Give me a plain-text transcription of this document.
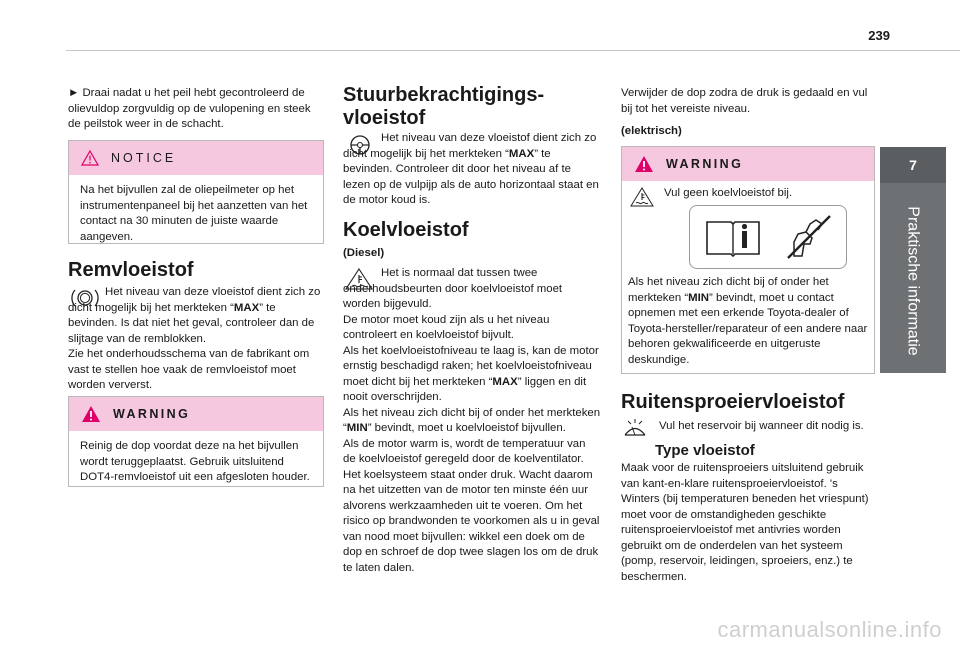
239
► Draai nadat u het peil hebt gecontroleerd de olievuldop zorgvuldig op de vulopening en steek de peilstok weer in de schacht.
NOTICE
Na het bijvullen zal de oliepeilmeter op het instrumentenpaneel bij het aanzetten van het contact na 30 minuten de juiste waarde aangeven.
Remvloeistof
Het niveau van deze vloeistof dient zich zo dicht mogelijk bij het merkteken “MAX” te bevinden. Is dat niet het geval, controleer dan de slijtage van de remblokken.
Zie het onderhoudsschema van de fabrikant om vast te stellen hoe vaak de remvloeistof moet worden ververst.
WARNING
Reinig de dop voordat deze na het bijvullen wordt teruggeplaatst. Gebruik uitsluitend DOT4-remvloeistof uit een afgesloten houder.
Stuurbekrachtigings-vloeistof
Het niveau van deze vloeistof dient zich zo dicht mogelijk bij het merkteken “MAX” te bevinden. Controleer dit door het niveau af te lezen op de vulpijp als de auto horizontaal staat en de motor koud is.
Koelvloeistof
(Diesel)
Het is normaal dat tussen twee onderhoudsbeurten door koelvloeistof moet worden bijgevuld.
De motor moet koud zijn als u het niveau controleert en koelvloeistof bijvult.
Als het koelvloeistofniveau te laag is, kan de motor ernstig beschadigd raken; het koelvloeistofniveau moet dicht bij het merkteken “MAX” liggen en dit nooit overschrijden.
Als het niveau zich dicht bij of onder het merkteken “MIN” bevindt, moet u koelvloeistof bijvullen.
Als de motor warm is, wordt de temperatuur van de koelvloeistof geregeld door de koelventilator. Het koelsysteem staat onder druk. Wacht daarom na het uitzetten van de motor ten minste één uur alvorens werkzaamheden uit te voeren. Om het risico op brandwonden te voorkomen als u in geval van nood moet bijvullen: wikkel een doek om de dop en schroef de dop twee slagen los om de druk te laten dalen.
Verwijder de dop zodra de druk is gedaald en vul bij tot het vereiste niveau.
(elektrisch)
WARNING
Vul geen koelvloeistof bij.
Als het niveau zich dicht bij of onder het merkteken “MIN” bevindt, moet u contact opnemen met een erkende Toyota-dealer of Toyota-hersteller/reparateur of een andere naar behoren gekwalificeerde en uitgeruste deskundige.
Ruitensproeiervloeistof
Vul het reservoir bij wanneer dit nodig is.
Type vloeistof
Maak voor de ruitensproeiers uitsluitend gebruik van kant-en-klare ruitensproeiervloeistof. 's Winters (bij temperaturen beneden het vriespunt) moet voor de omstandigheden geschikte ruitensproeiervloeistof met antivries worden gebruikt om de onderdelen van het systeem (pomp, reservoir, leidingen, sproeiers, enz.) te beschermen.
7
Praktische informatie
carmanualsonline.info
